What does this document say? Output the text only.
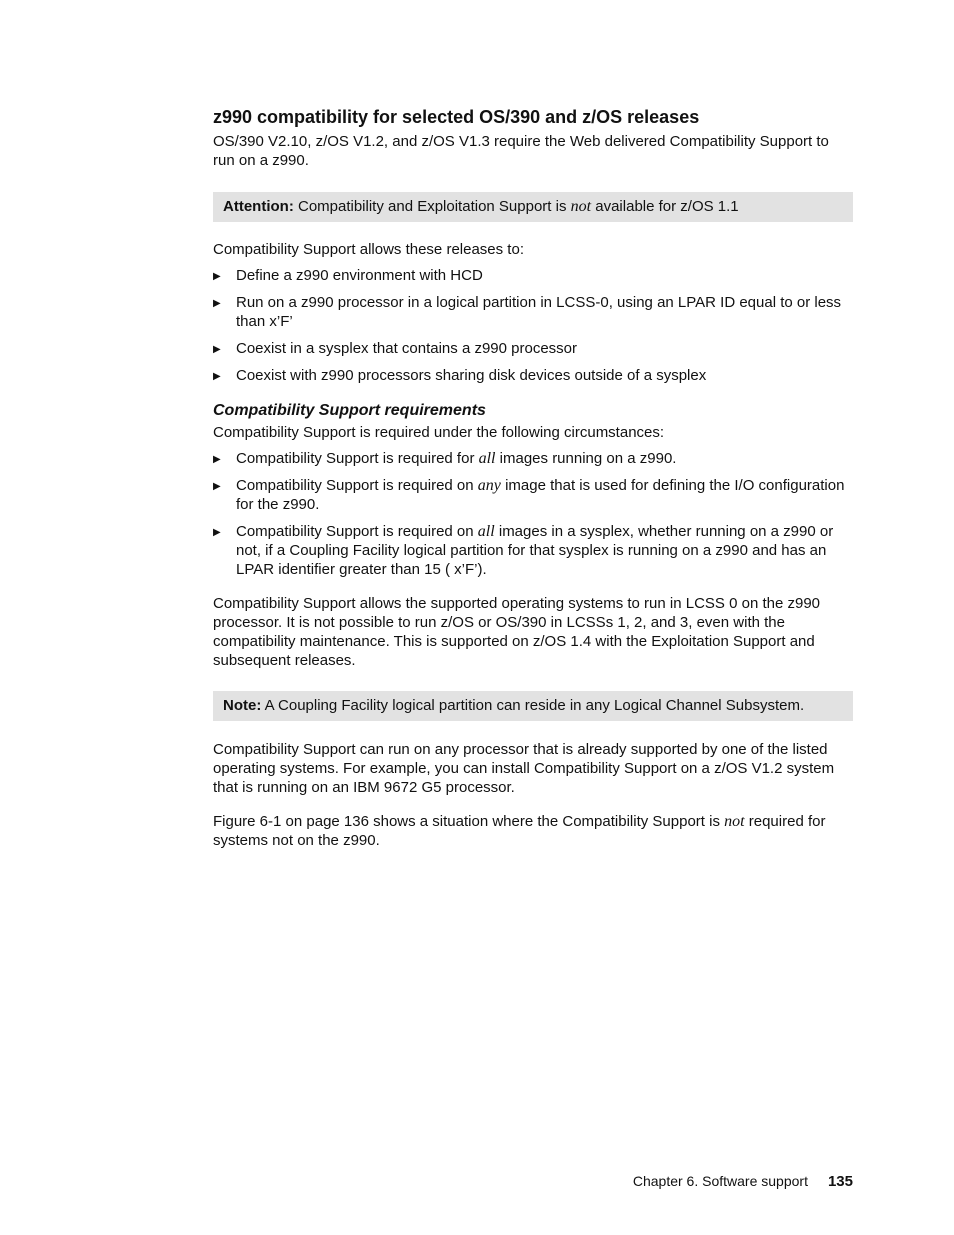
z990 compatibility for selected OS/390 and z/OS releases

OS/390 V2.10, z/OS V1.2, and z/OS V1.3 require the Web delivered Compatibility Support to run on a z990.

Attention: Compatibility and Exploitation Support is not available for z/OS 1.1

Compatibility Support allows these releases to:

▶ Define a z990 environment with HCD
▶ Run on a z990 processor in a logical partition in LCSS-0, using an LPAR ID equal to or less than x’F’
▶ Coexist in a sysplex that contains a z990 processor
▶ Coexist with z990 processors sharing disk devices outside of a sysplex
Compatibility Support requirements

Compatibility Support is required under the following circumstances:

▶ Compatibility Support is required for all images running on a z990.
▶ Compatibility Support is required on any image that is used for defining the I/O configuration for the z990.
▶ Compatibility Support is required on all images in a sysplex, whether running on a z990 or not, if a Coupling Facility logical partition for that sysplex is running on a z990 and has an LPAR identifier greater than 15 ( x’F’).

Compatibility Support allows the supported operating systems to run in LCSS 0 on the z990 processor. It is not possible to run z/OS or OS/390 in LCSSs 1, 2, and 3, even with the compatibility maintenance. This is supported on z/OS 1.4 with the Exploitation Support and subsequent releases.

Note: A Coupling Facility logical partition can reside in any Logical Channel Subsystem.

Compatibility Support can run on any processor that is already supported by one of the listed operating systems. For example, you can install Compatibility Support on a z/OS V1.2 system that is running on an IBM 9672 G5 processor.

Figure 6-1 on page 136 shows a situation where the Compatibility Support is not required for systems not on the z990.

Chapter 6. Software support 135
